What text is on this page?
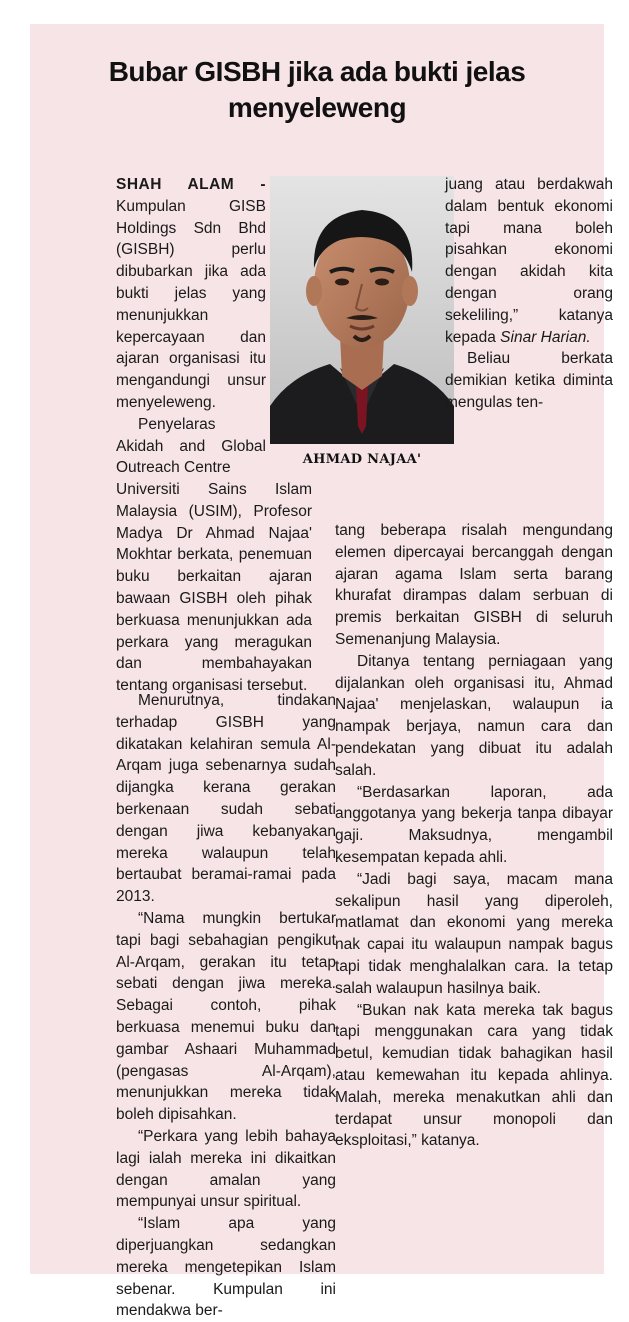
Bubar GISBH jika ada bukti jelas menyeleweng

SHAH ALAM - Kumpulan GISB Holdings Sdn Bhd (GISBH) perlu dibubarkan jika ada bukti jelas yang menunjukkan kepercayaan dan ajaran organisasi itu mengandungi unsur menyeleweng.

Penyelaras Akidah and Global Outreach Centre	AHMAD NAJAA'

Universiti Sains Islam Malaysia (USIM), Profesor Madya Dr Ahmad Najaa' Mokhtar berkata, penemuan buku berkaitan ajaran bawaan GISBH oleh pihak berkuasa menunjukkan ada perkara yang meragukan dan membahayakan tentang organisasi tersebut.

Menurutnya, tindakan terhadap GISBH yang dikatakan kelahiran semula Al-Arqam juga sebenarnya sudah dijangka kerana gerakan berkenaan sudah sebati dengan jiwa kebanyakan mereka walaupun telah bertaubat beramai-ramai pada 2013.

“Nama mungkin bertukar tapi bagi sebahagian pengikut Al-Arqam, gerakan itu tetap sebati dengan jiwa mereka. Sebagai contoh, pihak berkuasa menemui buku dan gambar Ashaari Muhammad (pengasas Al-Arqam), menunjukkan mereka tidak boleh dipisahkan.

“Perkara yang lebih bahaya lagi ialah mereka ini dikaitkan dengan amalan yang mempunyai unsur spiritual.

“Islam apa yang diperjuangkan sedangkan mereka mengetepikan Islam sebenar. Kumpulan ini mendakwa ber-

juang atau berdakwah dalam bentuk ekonomi tapi mana boleh pisahkan ekonomi dengan akidah kita dengan orang sekeliling,” katanya kepada Sinar Harian.

Beliau berkata demikian ketika diminta mengulas ten-

tang beberapa risalah mengundang elemen dipercayai bercanggah dengan ajaran agama Islam serta barang khurafat dirampas dalam serbuan di premis berkaitan GISBH di seluruh Semenanjung Malaysia.

Ditanya tentang perniagaan yang dijalankan oleh organisasi itu, Ahmad Najaa' menjelaskan, walaupun ia nampak berjaya, namun cara dan pendekatan yang dibuat itu adalah salah.

“Berdasarkan laporan, ada anggotanya yang bekerja tanpa dibayar gaji. Maksudnya, mengambil kesempatan kepada ahli.

“Jadi bagi saya, macam mana sekalipun hasil yang diperoleh, matlamat dan ekonomi yang mereka nak capai itu walaupun nampak bagus tapi tidak menghalalkan cara. Ia tetap salah walaupun hasilnya baik.

“Bukan nak kata mereka tak bagus tapi menggunakan cara yang tidak betul, kemudian tidak bahagikan hasil atau kemewahan itu kepada ahlinya. Malah, mereka menakutkan ahli dan terdapat unsur monopoli dan eksploitasi,” katanya.
